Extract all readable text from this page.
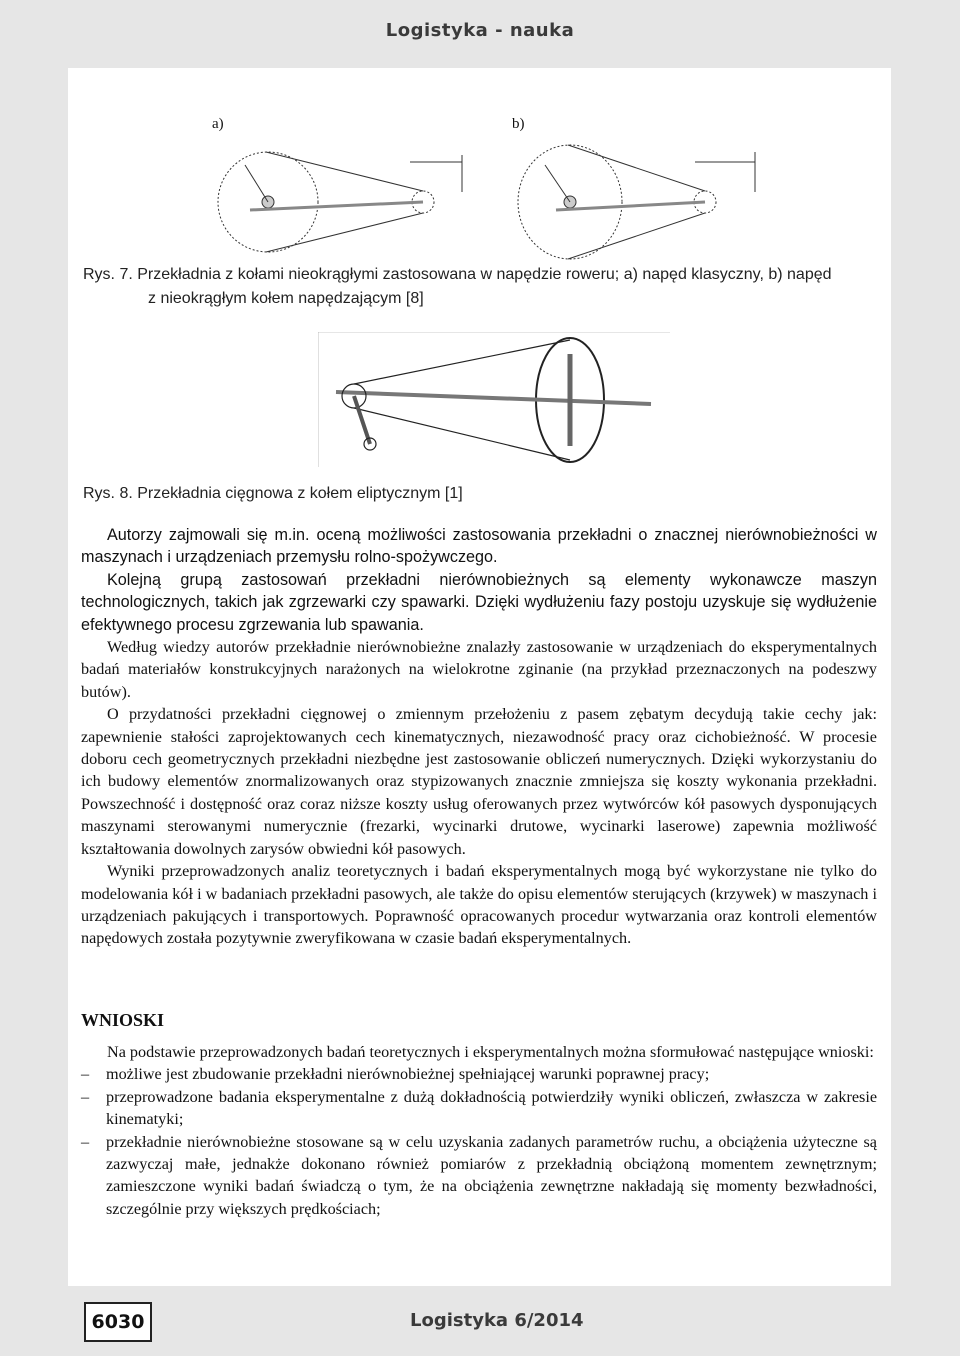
Logistyka - nauka
a)	b)
Rys. 7. Przekładnia z kołami nieokrągłymi zastosowana w napędzie roweru; a) napęd klasyczny, b) napęd
z nieokrągłym kołem napędzającym [8]
Rys. 8. Przekładnia cięgnowa z kołem eliptycznym [1]

Autorzy zajmowali się m.in. oceną możliwości zastosowania przekładni o znacznej nierównobieżności w maszynach i urządzeniach przemysłu rolno-spożywczego.

Kolejną grupą zastosowań przekładni nierównobieżnych są elementy wykonawcze maszyn technologicznych, takich jak zgrzewarki czy spawarki. Dzięki wydłużeniu fazy postoju uzyskuje się wydłużenie efektywnego procesu zgrzewania lub spawania.

Według wiedzy autorów przekładnie nierównobieżne znalazły zastosowanie w urządzeniach do eksperymentalnych badań materiałów konstrukcyjnych narażonych na wielokrotne zginanie (na przykład przeznaczonych na podeszwy butów).

O przydatności przekładni cięgnowej o zmiennym przełożeniu z pasem zębatym decydują takie cechy jak: zapewnienie stałości zaprojektowanych cech kinematycznych, niezawodność pracy oraz cichobieżność. W procesie doboru cech geometrycznych przekładni niezbędne jest zastosowanie obliczeń numerycznych. Dzięki wykorzystaniu do ich budowy elementów znormalizowanych oraz stypizowanych znacznie zmniejsza się koszty wykonania przekładni. Powszechność i dostępność oraz coraz niższe koszty usług oferowanych przez wytwórców kół pasowych dysponujących maszynami sterowanymi numerycznie (frezarki, wycinarki drutowe, wycinarki laserowe) zapewnia możliwość kształtowania dowolnych zarysów obwiedni kół pasowych.

Wyniki przeprowadzonych analiz teoretycznych i badań eksperymentalnych mogą być wykorzystane nie tylko do modelowania kół i w badaniach przekładni pasowych, ale także do opisu elementów sterujących (krzywek) w maszynach i urządzeniach pakujących i transportowych. Poprawność opracowanych procedur wytwarzania oraz kontroli elementów napędowych została pozytywnie zweryfikowana w czasie badań eksperymentalnych.

WNIOSKI

Na podstawie przeprowadzonych badań teoretycznych i eksperymentalnych można sformułować następujące wnioski:

– możliwe jest zbudowanie przekładni nierównobieżnej spełniającej warunki poprawnej pracy;
– przeprowadzone badania eksperymentalne z dużą dokładnością potwierdziły wyniki obliczeń, zwłaszcza w zakresie kinematyki;
– przekładnie nierównobieżne stosowane są w celu uzyskania zadanych parametrów ruchu, a obciążenia użyteczne są zazwyczaj małe, jednakże dokonano również pomiarów z przekładnią obciążoną momentem zewnętrznym; zamieszczone wyniki badań świadczą o tym, że na obciążenia zewnętrzne nakładają się momenty bezwładności, szczególnie przy większych prędkościach;
6030	Logistyka 6/2014
